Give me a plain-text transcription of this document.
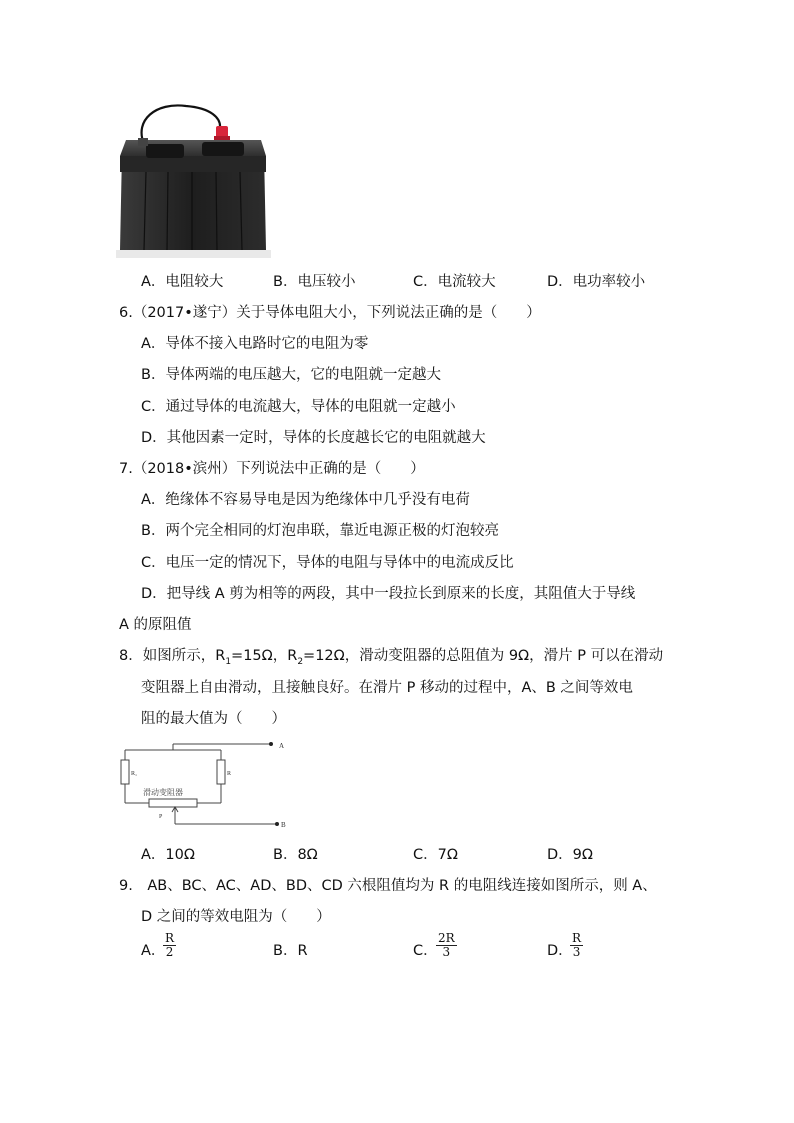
A．电阻较大	B．电压较小	C．电流较大	D．电功率较小
6.（2017•遂宁）关于导体电阻大小，下列说法正确的是（　　）
A．导体不接入电路时它的电阻为零
B．导体两端的电压越大，它的电阻就一定越大
C．通过导体的电流越大，导体的电阻就一定越小
D．其他因素一定时，导体的长度越长它的电阻就越大
7.（2018•滨州）下列说法中正确的是（　　）
A．绝缘体不容易导电是因为绝缘体中几乎没有电荷
B．两个完全相同的灯泡串联，靠近电源正极的灯泡较亮
C．电压一定的情况下，导体的电阻与导体中的电流成反比
D．把导线 A 剪为相等的两段，其中一段拉长到原来的长度，其阻值大于导线
A 的原阻值
8．如图所示，$R_1=15\Omega$，$R_2=12\Omega$，滑动变阻器的总阻值为 9Ω，滑片 P 可以在滑动
变阻器上自由滑动，且接触良好。在滑片 P 移动的过程中，A、B 之间等效电
阻的最大值为（　　）
A
B
R₁	R
滑动变阻器
P
A．10Ω	B．8Ω	C．7Ω	D．9Ω
9.　AB、BC、AC、AD、BD、CD 六根阻值均为 R 的电阻线连接如图所示，则 A、
D 之间的等效电阻为（　　）
A．
$\frac{R}{2}$	B．R	C．
$\frac{2R}{3}$	D．
$\frac{R}{3}$
